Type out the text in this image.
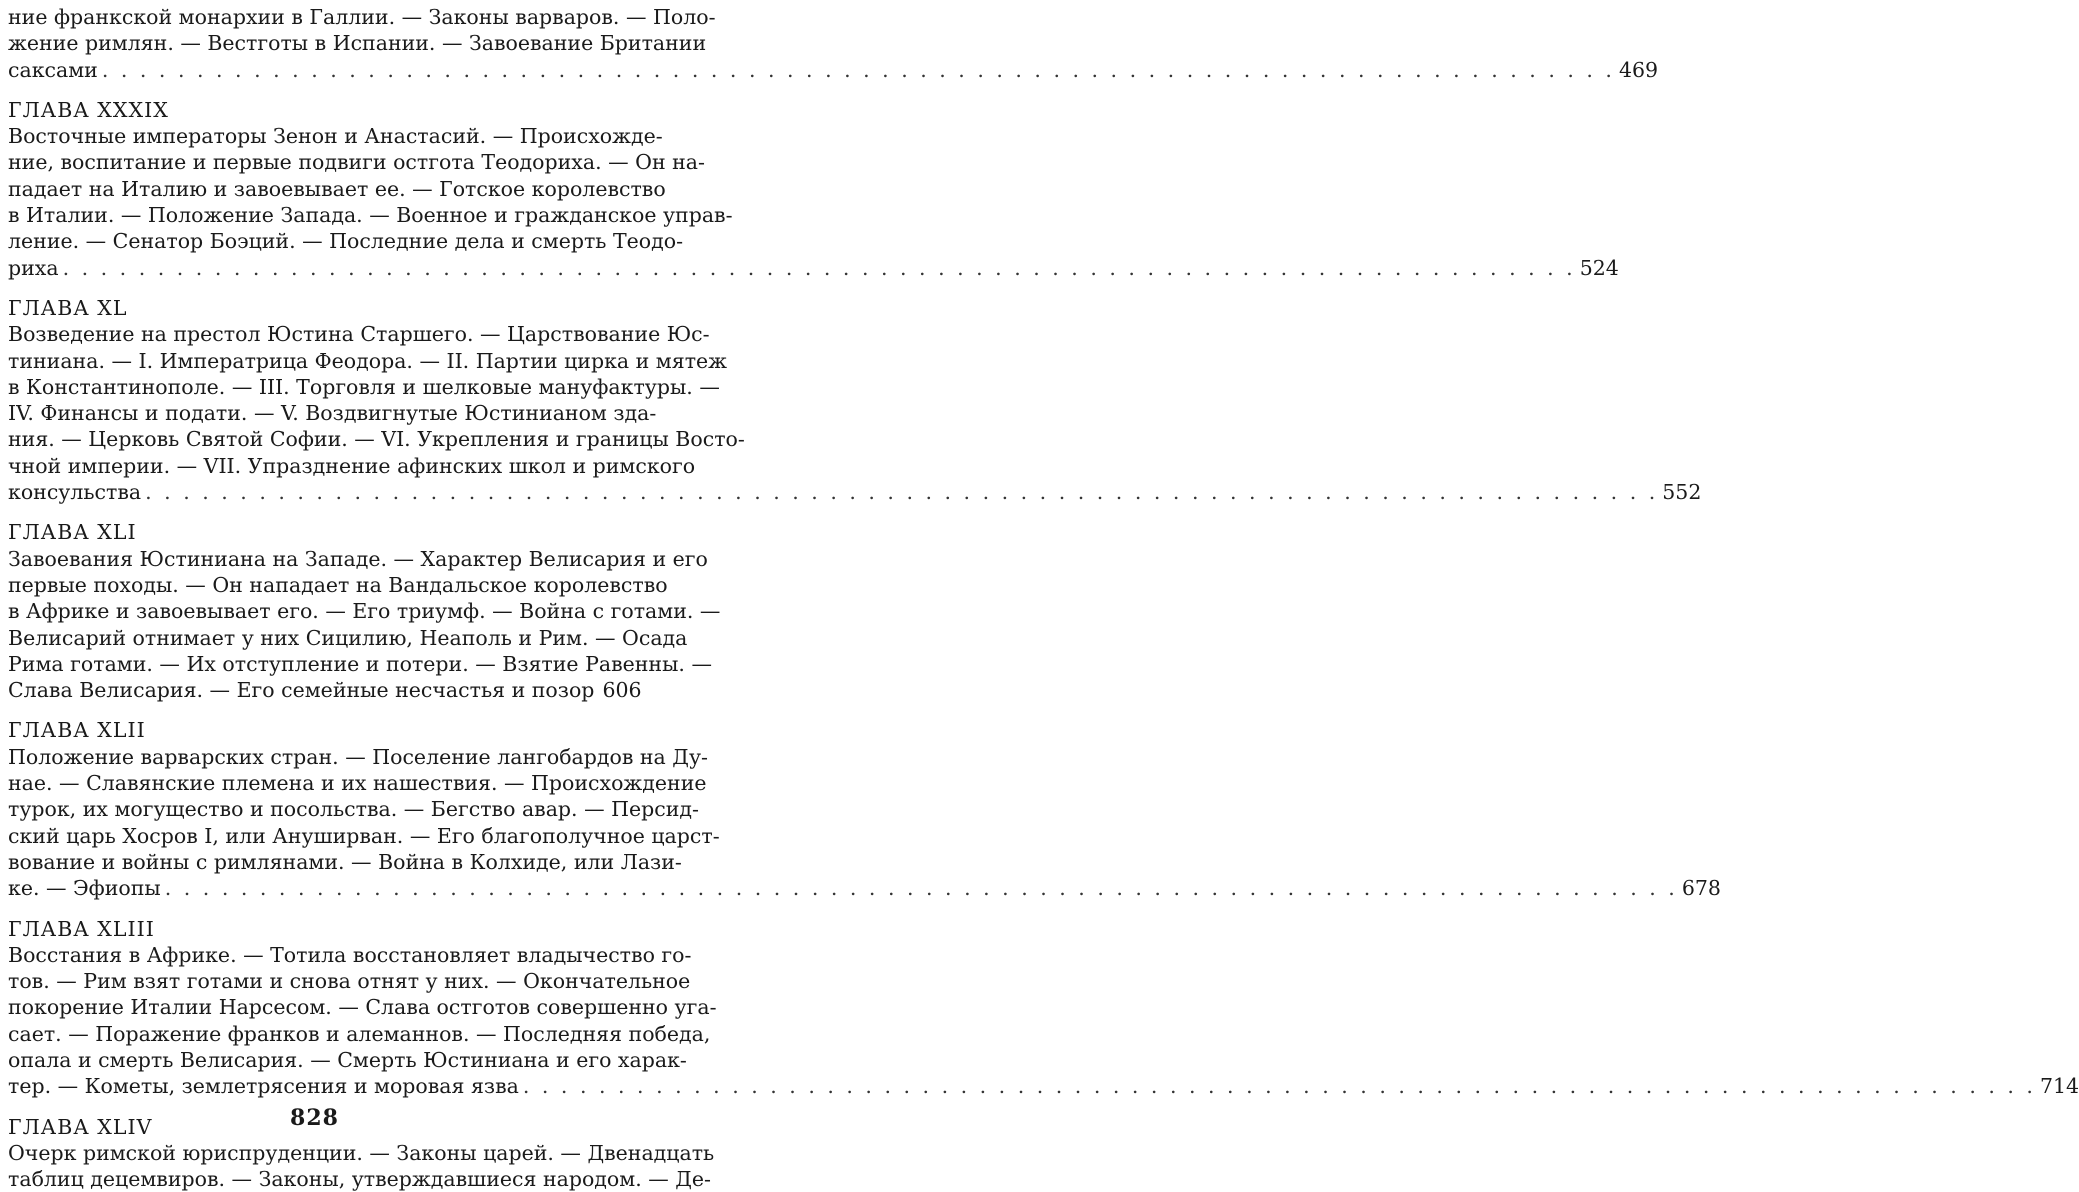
ние франкской монархии в Галлии. — Законы варваров. — Поло-
жение римлян. — Вестготы в Испании. — Завоевание Британии
саксами . . . . . . . . . . . . . . . . . . . . . . . . . . . . . . . . . . . . . . . . . . . . . . . . . . . . . . . . . . . . . . . . . . . . . . . . . . . . . . . . 469
ГЛАВА XXXIX
Восточные императоры Зенон и Анастасий. — Происхожде-
ние, воспитание и первые подвиги остгота Теодориха. — Он на-
падает на Италию и завоевывает ее. — Готское королевство
в Италии. — Положение Запада. — Военное и гражданское управ-
ление. — Сенатор Боэций. — Последние дела и смерть Теодо-
риха . . . . . . . . . . . . . . . . . . . . . . . . . . . . . . . . . . . . . . . . . . . . . . . . . . . . . . . . . . . . . . . . . . . . . . . . . . . . . . . . 524
ГЛАВА XL
Возведение на престол Юстина Старшего. — Царствование Юс-
тиниана. — I. Императрица Феодора. — II. Партии цирка и мятеж
в Константинополе. — III. Торговля и шелковые мануфактуры. —
IV. Финансы и подати. — V. Воздвигнутые Юстинианом зда-
ния. — Церковь Святой Софии. — VI. Укрепления и границы Восто-
чной империи. — VII. Упразднение афинских школ и римского
консульства . . . . . . . . . . . . . . . . . . . . . . . . . . . . . . . . . . . . . . . . . . . . . . . . . . . . . . . . . . . . . . . . . . . . . . . . . . . . . . . . 552
ГЛАВА XLI
Завоевания Юстиниана на Западе. — Характер Велисария и его
первые походы. — Он нападает на Вандальское королевство
в Африке и завоевывает его. — Его триумф. — Война с готами. —
Велисарий отнимает у них Сицилию, Неаполь и Рим. — Осада
Рима готами. — Их отступление и потери. — Взятие Равенны. —
Слава Велисария. — Его семейные несчастья и позор 606
ГЛАВА XLII
Положение варварских стран. — Поселение лангобардов на Ду-
нае. — Славянские племена и их нашествия. — Происхождение
турок, их могущество и посольства. — Бегство авар. — Персид-
ский царь Хосров I, или Ануширван. — Его благополучное царст-
вование и войны с римлянами. — Война в Колхиде, или Лази-
ке. — Эфиопы . . . . . . . . . . . . . . . . . . . . . . . . . . . . . . . . . . . . . . . . . . . . . . . . . . . . . . . . . . . . . . . . . . . . . . . . . . . . . . . . 678
ГЛАВА XLIII
Восстания в Африке. — Тотила восстановляет владычество го-
тов. — Рим взят готами и снова отнят у них. — Окончательное
покорение Италии Нарсесом. — Слава остготов совершенно уга-
сает. — Поражение франков и алеманнов. — Последняя победа,
опала и смерть Велисария. — Смерть Юстиниана и его харак-
тер. — Кометы, землетрясения и моровая язва . . . . . . . . . . . . . . . . . . . . . . . . . . . . . . . . . . . . . . . . . . . . . . . . . . . . . . . . . . . . . . . . . . . . . . . . . . . . . . . . 714
ГЛАВА XLIV
Очерк римской юриспруденции. — Законы царей. — Двенадцать
таблиц децемвиров. — Законы, утверждавшиеся народом. — Де-
828
